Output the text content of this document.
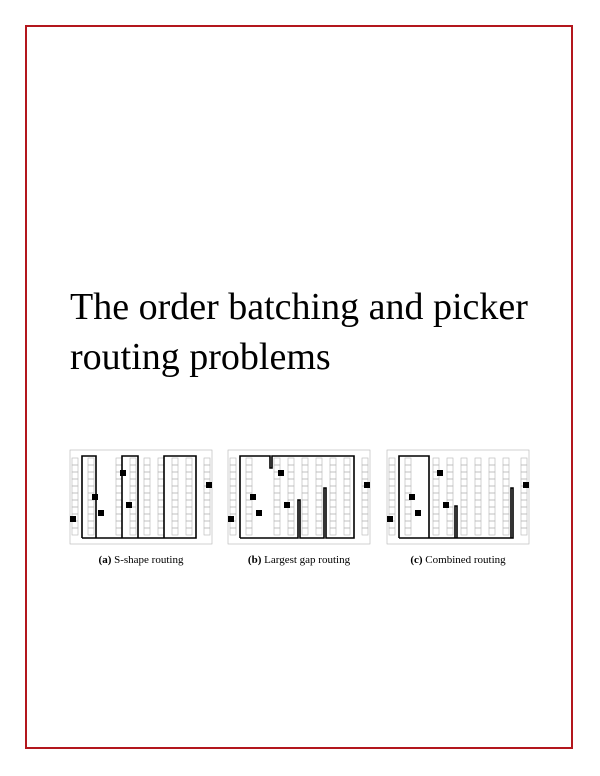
The order batching and picker routing problems
(a) S-shape routing	(b) Largest gap routing	(c) Combined routing
